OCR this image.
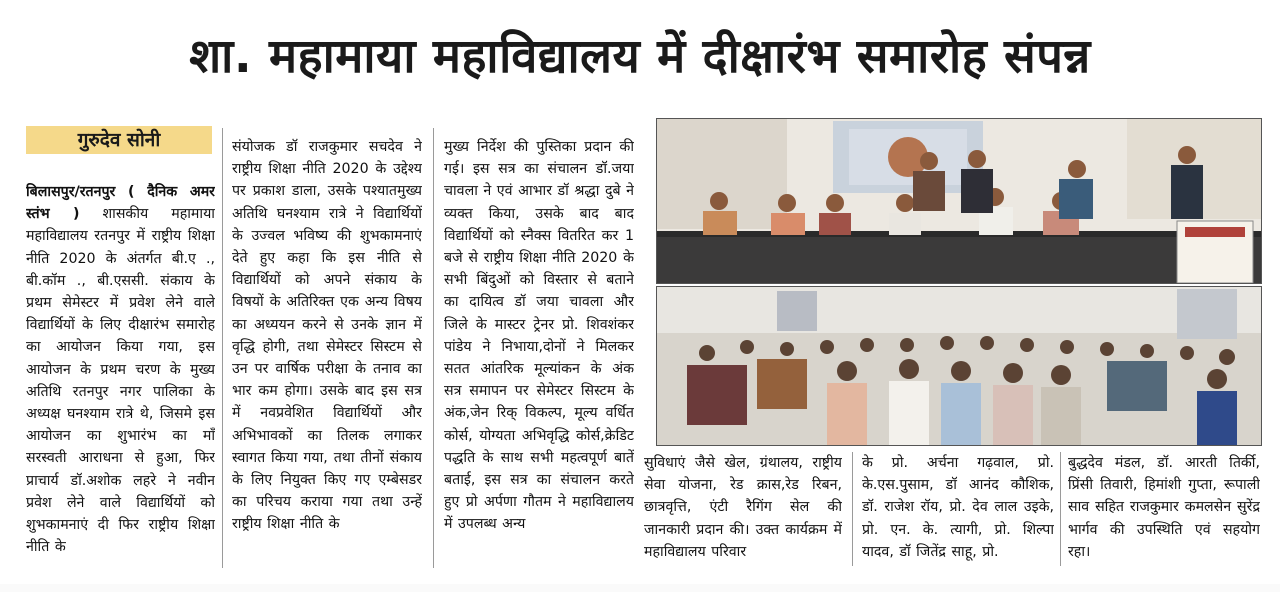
शा. महामाया महाविद्यालय में दीक्षारंभ समारोह संपन्न
गुरुदेव सोनी

बिलासपुर/रतनपुर ( दैनिक अमर स्तंभ ) शासकीय महामाया महाविद्यालय रतनपुर में राष्ट्रीय शिक्षा नीति 2020 के अंतर्गत बी.ए ., बी.कॉम ., बी.एससी. संकाय के प्रथम सेमेस्टर में प्रवेश लेने वाले विद्यार्थियों के लिए दीक्षारंभ समारोह का आयोजन किया गया, इस आयोजन के प्रथम चरण के मुख्य अतिथि रतनपुर नगर पालिका के अध्यक्ष घनश्याम रात्रे थे, जिसमे इस आयोजन का शुभारंभ का माँ सरस्वती आराधना से हुआ, फिर प्राचार्य डॉ.अशोक लहरे ने नवीन प्रवेश लेने वाले विद्यार्थियों को शुभकामनाएं दी फिर राष्ट्रीय शिक्षा नीति के

संयोजक डॉ राजकुमार सचदेव ने राष्ट्रीय शिक्षा नीति 2020 के उद्देश्य पर प्रकाश डाला, उसके पश्यातमुख्य अतिथि घनश्याम रात्रे ने विद्यार्थियों के उज्वल भविष्य की शुभकामनाएं देते हुए कहा कि इस नीति से विद्यार्थियों को अपने संकाय के विषयों के अतिरिक्त एक अन्य विषय का अध्ययन करने से उनके ज्ञान में वृद्धि होगी, तथा सेमेस्टर सिस्टम से उन पर वार्षिक परीक्षा के तनाव का भार कम होगा। उसके बाद इस सत्र में नवप्रवेशित विद्यार्थियों और अभिभावकों का तिलक लगाकर स्वागत किया गया, तथा तीनों संकाय के लिए नियुक्त किए गए एम्बेसडर का परिचय कराया गया तथा उन्हें राष्ट्रीय शिक्षा नीति के

मुख्य निर्देश की पुस्तिका प्रदान की गई। इस सत्र का संचालन डॉ.जया चावला ने एवं आभार डॉ श्रद्धा दुबे ने व्यक्त किया, उसके बाद बाद विद्यार्थियों को स्नैक्स वितरित कर 1 बजे से राष्ट्रीय शिक्षा नीति 2020 के सभी बिंदुओं को विस्तार से बताने का दायित्व डॉ जया चावला और जिले के मास्टर ट्रेनर प्रो. शिवशंकर पांडेय ने निभाया,दोनों ने मिलकर सतत आंतरिक मूल्यांकन के अंक सत्र समापन पर सेमेस्टर सिस्टम के अंक,जेन रिक् विकल्प, मूल्य वर्धित कोर्स, योग्यता अभिवृद्धि कोर्स,क्रेडिट पद्धति के साथ सभी महत्वपूर्ण बातें बताई, इस सत्र का संचालन करते हुए प्रो अर्पणा गौतम ने महाविद्यालय में उपलब्ध अन्य

सुविधाएं जैसे खेल, ग्रंथालय, राष्ट्रीय सेवा योजना, रेड क्रास,रेड रिबन, छात्रवृत्ति, एंटी रैगिंग सेल की जानकारी प्रदान की। उक्त कार्यक्रम में महाविद्यालय परिवार

के प्रो. अर्चना गढ़वाल, प्रो. के.एस.पुसाम, डॉ आनंद कौशिक, डॉ. राजेश रॉय, प्रो. देव लाल उइके, प्रो. एन. के. त्यागी, प्रो. शिल्पा यादव, डॉ जितेंद्र साहू, प्रो.

बुद्धदेव मंडल, डॉ. आरती तिर्की, प्रिंसी तिवारी, हिमांशी गुप्ता, रूपाली साव सहित राजकुमार कमलसेन सुरेंद्र भार्गव की उपस्थिति एवं सहयोग रहा।
